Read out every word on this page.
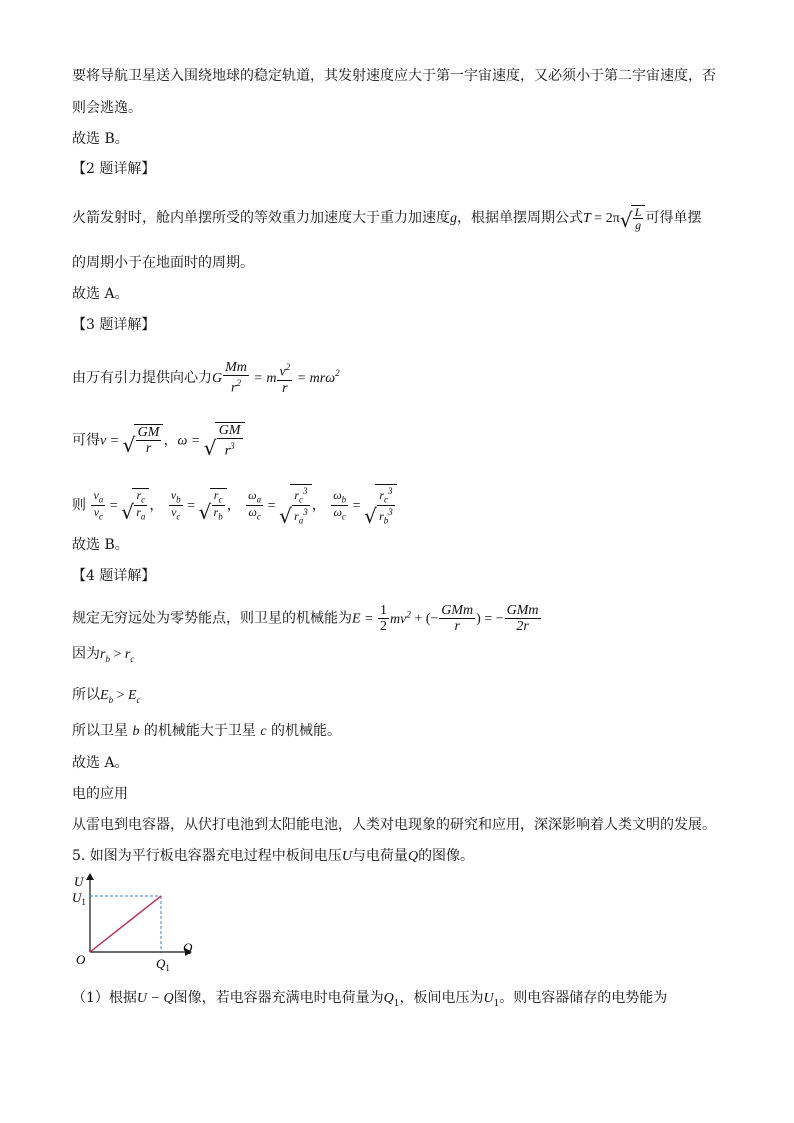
要将导航卫星送入围绕地球的稳定轨道，其发射速度应大于第一宇宙速度，又必须小于第二宇宙速度，否
则会逃逸。
故选 B。
【2 题详解】
火箭发射时，舱内单摆所受的等效重力加速度大于重力加速度g，根据单摆周期公式T = 2π √ $\frac{L}{g}$ 可得单摆
的周期小于在地面时的周期。
故选 A。
【3 题详解】
由万有引力提供向心力G $\frac{Mm}{r^2} = m \frac{v^2}{r} = mr\omega^2$
可得v = √ $\frac{GM}{r}$ ，ω = √ $\frac{GM}{r^3}$
则 $\frac{v_a}{v_c}$ = √ $\frac{r_c}{r_a}$ ， $\frac{v_b}{v_c}$ = √ $\frac{r_c}{r_b}$ ， $\frac{\omega_a}{\omega_c}$ = √ $\frac{r_c^3}{r_a^3}$ ， $\frac{\omega_b}{\omega_c}$ = √ $\frac{r_c^3}{r_b^3}$
故选 B。
【4 题详解】
规定无穷远处为零势能点，则卫星的机械能为$E = \frac{1}{2} mv^2$ + (− $\frac{\text{GMm}}{r}$ ) = − $\frac{\text{GMm}}{2r}$
因为$r_b > r_c$
所以$E_b > E_c$
所以卫星 b 的机械能大于卫星 c 的机械能。
故选 A。
电的应用
从雷电到电容器，从伏打电池到太阳能电池，人类对电现象的研究和应用，深深影响着人类文明的发展。
5. 如图为平行板电容器充电过程中板间电压U与电荷量Q的图像。
U
$U_1$
O
Q
$Q_1$
（1）根据U − Q图像，若电容器充满电时电荷量为$Q_1$，板间电压为$U_1$。则电容器储存的电势能为
